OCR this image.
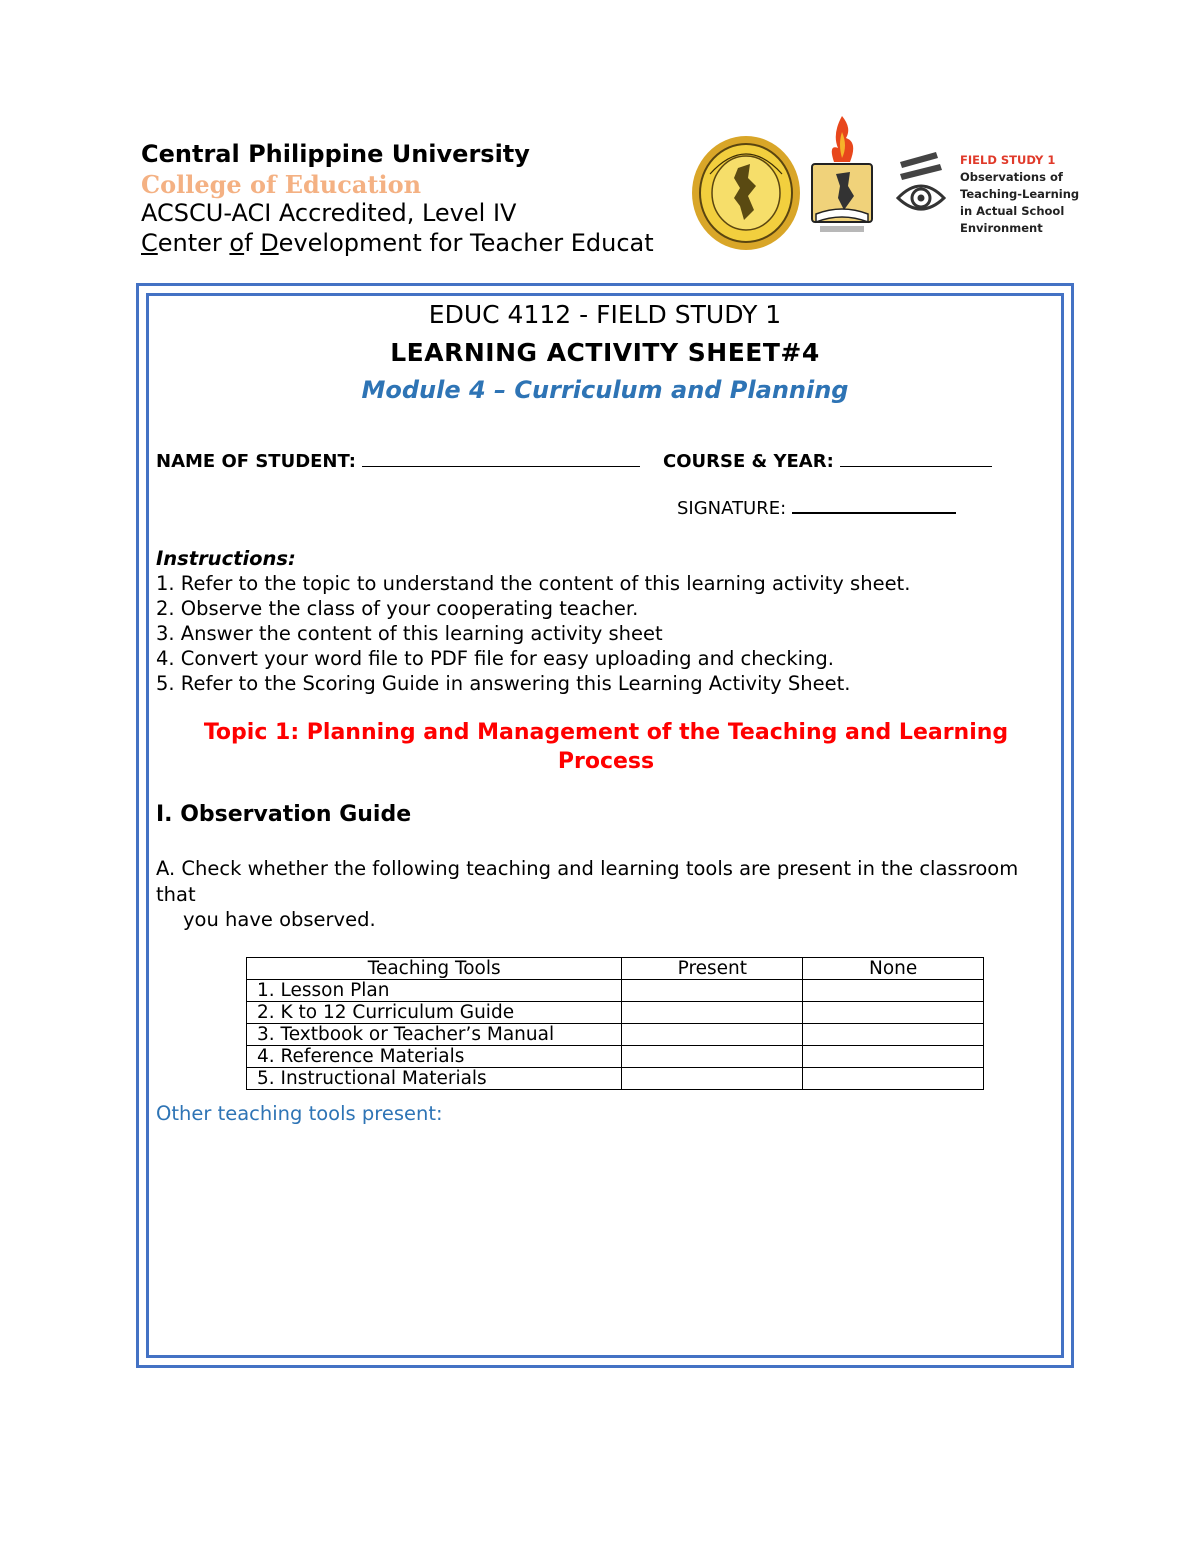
Central Philippine University
College of Education
ACSCU-ACI Accredited, Level IV
Center of Development for Teacher Educat
FIELD STUDY 1
Observations of
Teaching-Learning
in Actual School
Environment
EDUC 4112 - FIELD STUDY 1
LEARNING ACTIVITY SHEET#4
Module 4 – Curriculum and Planning
NAME OF STUDENT:	COURSE & YEAR:
SIGNATURE:
Instructions:
1. Refer to the topic to understand the content of this learning activity sheet.
2. Observe the class of your cooperating teacher.
3. Answer the content of this learning activity sheet
4. Convert your word file to PDF file for easy uploading and checking.
5. Refer to the Scoring Guide in answering this Learning Activity Sheet.
Topic 1: Planning and Management of the Teaching and Learning
Process
I. Observation Guide
A. Check whether the following teaching and learning tools are present in the classroom that
you have observed.
Teaching Tools	Present	None
1. Lesson Plan		
2. K to 12 Curriculum Guide		
3. Textbook or Teacher’s Manual		
4. Reference Materials		
5. Instructional Materials		
Other teaching tools present:
